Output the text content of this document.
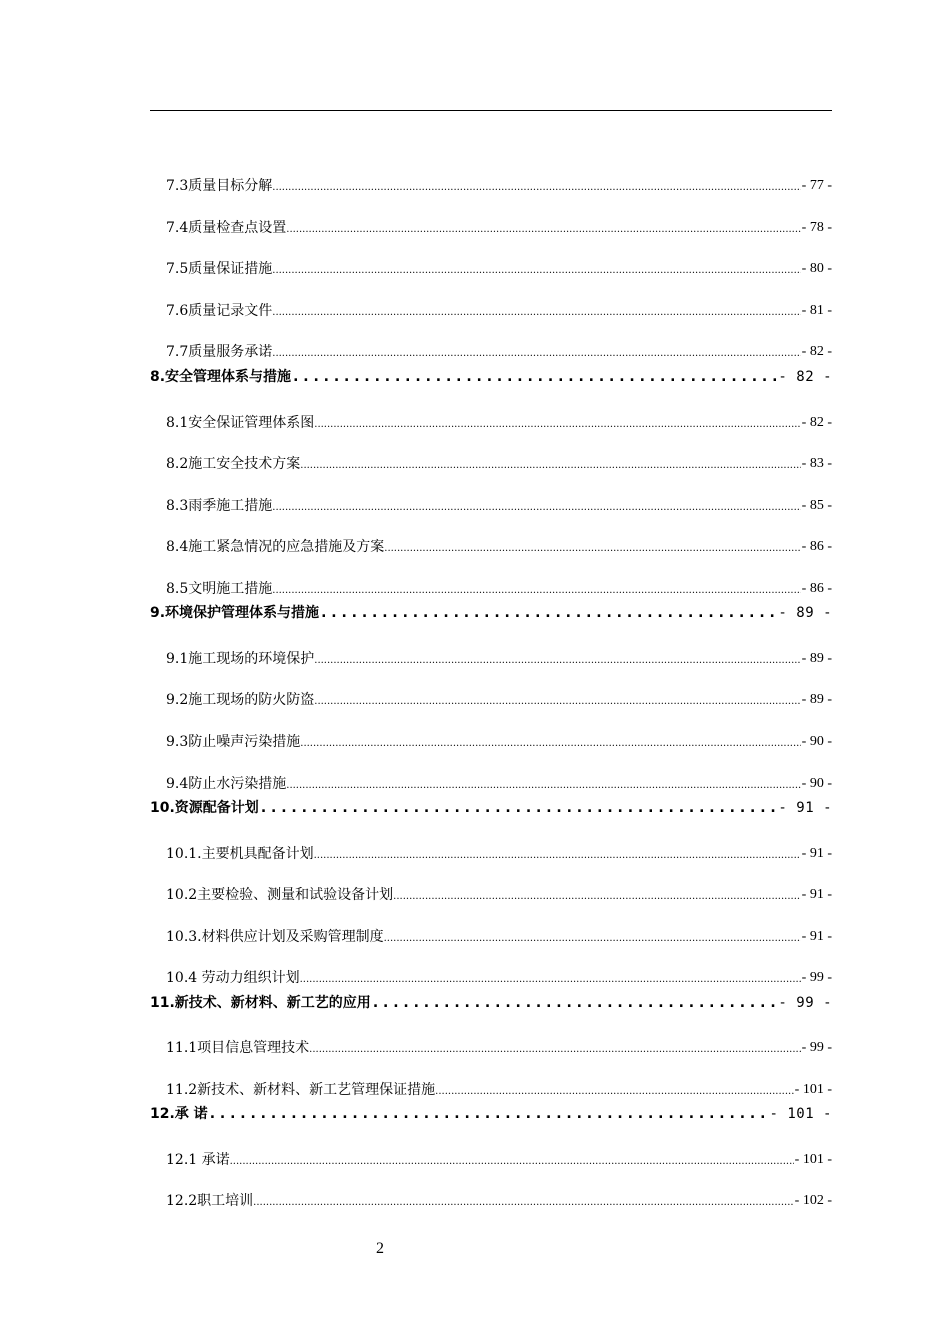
7.3质量目标分解 .....	- 77 -
7.4质量检查点设置 .....	- 78 -
7.5质量保证措施 .....	- 80 -
7.6质量记录文件 .....	- 81 -
7.7质量服务承诺 .....	- 82 -
8.安全管理体系与措施 . . .	- 82 -
8.1安全保证管理体系图 .....	- 82 -
8.2施工安全技术方案 .....	- 83 -
8.3雨季施工措施 .....	- 85 -
8.4施工紧急情况的应急措施及方案 .....	- 86 -
8.5文明施工措施 .....	- 86 -
9.环境保护管理体系与措施 . . .	- 89 -
9.1施工现场的环境保护 .....	- 89 -
9.2施工现场的防火防盗 .....	- 89 -
9.3防止噪声污染措施 .....	- 90 -
9.4防止水污染措施 .....	- 90 -
10.资源配备计划 . . .	- 91 -
10.1.主要机具配备计划 .....	- 91 -
10.2主要检验、测量和试验设备计划 .....	- 91 -
10.3.材料供应计划及采购管理制度 .....	- 91 -
10.4 劳动力组织计划 .....	- 99 -
11.新技术、新材料、新工艺的应用 . . .	- 99 -
11.1项目信息管理技术 .....	- 99 -
11.2新技术、新材料、新工艺管理保证措施 .....	- 101 -
12.承 诺 . . .	- 101 -
12.1 承诺 .....	- 101 -
12.2职工培训 .....	- 102 -
2
